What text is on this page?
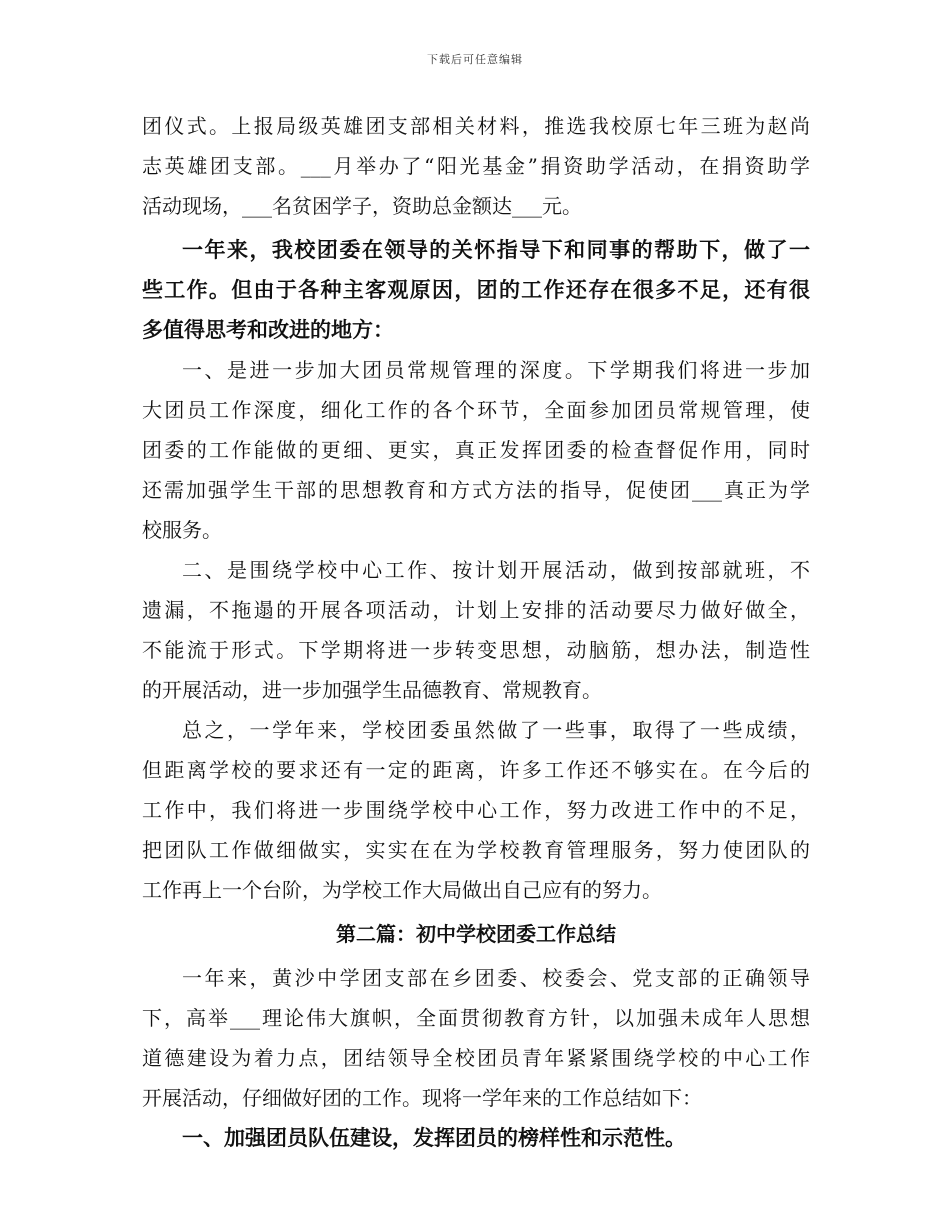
下载后可任意编辑
团仪式。上报局级英雄团支部相关材料，推选我校原七年三班为赵尚
志英雄团支部。___月举办了“阳光基金”捐资助学活动，在捐资助学
活动现场，___名贫困学子，资助总金额达___元。
一年来，我校团委在领导的关怀指导下和同事的帮助下，做了一
些工作。但由于各种主客观原因，团的工作还存在很多不足，还有很
多值得思考和改进的地方：
一、是进一步加大团员常规管理的深度。下学期我们将进一步加
大团员工作深度，细化工作的各个环节，全面参加团员常规管理，使
团委的工作能做的更细、更实，真正发挥团委的检查督促作用，同时
还需加强学生干部的思想教育和方式方法的指导，促使团___真正为学
校服务。
二、是围绕学校中心工作、按计划开展活动，做到按部就班，不
遗漏，不拖遢的开展各项活动，计划上安排的活动要尽力做好做全，
不能流于形式。下学期将进一步转变思想，动脑筋，想办法，制造性
的开展活动，进一步加强学生品德教育、常规教育。
总之，一学年来，学校团委虽然做了一些事，取得了一些成绩，
但距离学校的要求还有一定的距离，许多工作还不够实在。在今后的
工作中，我们将进一步围绕学校中心工作，努力改进工作中的不足，
把团队工作做细做实，实实在在为学校教育管理服务，努力使团队的
工作再上一个台阶，为学校工作大局做出自己应有的努力。
第二篇：初中学校团委工作总结
一年来，黄沙中学团支部在乡团委、校委会、党支部的正确领导
下，高举___理论伟大旗帜，全面贯彻教育方针，以加强未成年人思想
道德建设为着力点，团结领导全校团员青年紧紧围绕学校的中心工作
开展活动，仔细做好团的工作。现将一学年来的工作总结如下：
一、加强团员队伍建设，发挥团员的榜样性和示范性。
